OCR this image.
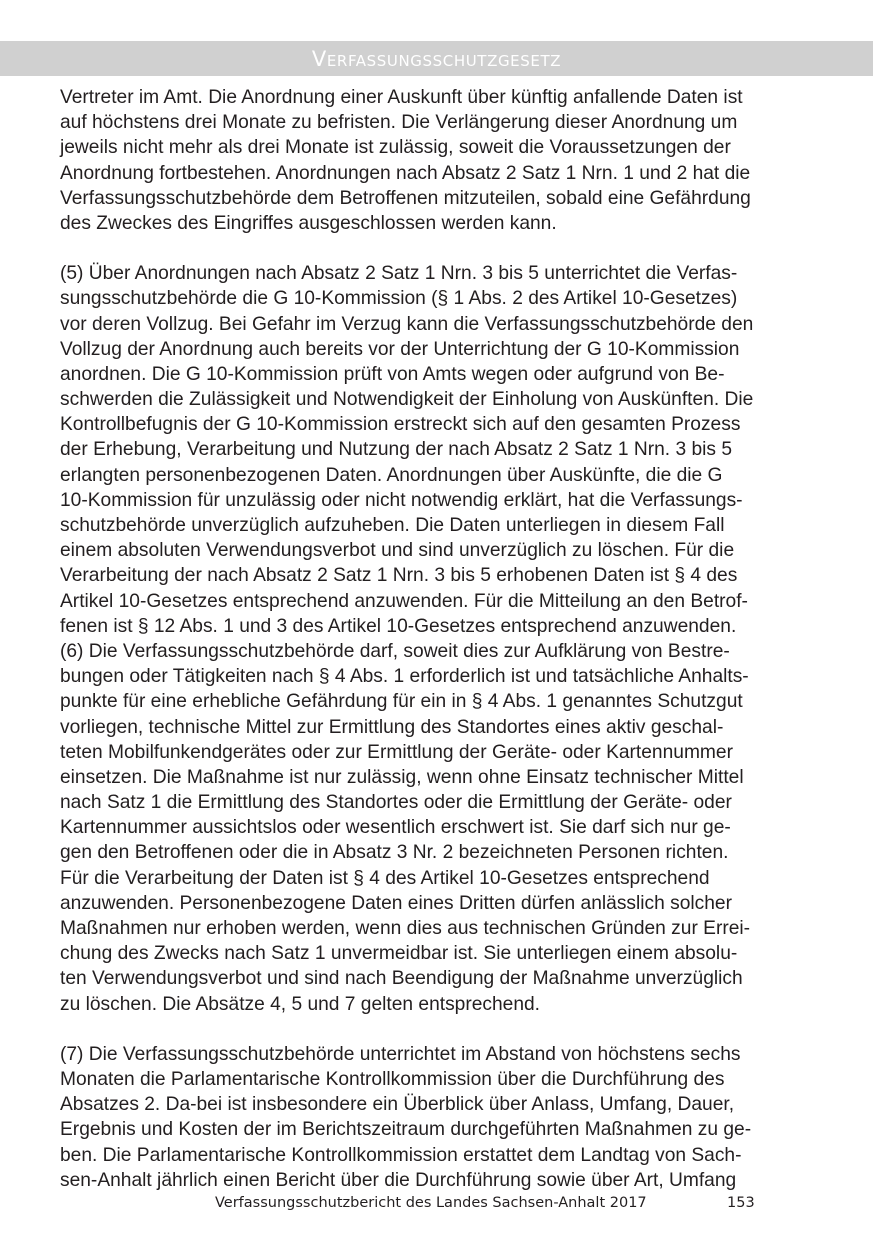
Verfassungsschutzgesetz
Vertreter im Amt. Die Anordnung einer Auskunft über künftig anfallende Daten ist
auf höchstens drei Monate zu befristen. Die Verlängerung dieser Anordnung um
jeweils nicht mehr als drei Monate ist zulässig, soweit die Voraussetzungen der
Anordnung fortbestehen. Anordnungen nach Absatz 2 Satz 1 Nrn. 1 und 2 hat die
Verfassungsschutzbehörde dem Betroffenen mitzuteilen, sobald eine Gefährdung
des Zweckes des Eingriffes ausgeschlossen werden kann.
(5) Über Anordnungen nach Absatz 2 Satz 1 Nrn. 3 bis 5 unterrichtet die Verfas-
sungsschutzbehörde die G 10-Kommission (§ 1 Abs. 2 des Artikel 10-Gesetzes)
vor deren Vollzug. Bei Gefahr im Verzug kann die Verfassungsschutzbehörde den
Vollzug der Anordnung auch bereits vor der Unterrichtung der G 10-Kommission
anordnen. Die G 10-Kommission prüft von Amts wegen oder aufgrund von Be-
schwerden die Zulässigkeit und Notwendigkeit der Einholung von Auskünften. Die
Kontrollbefugnis der G 10-Kommission erstreckt sich auf den gesamten Prozess
der Erhebung, Verarbeitung und Nutzung der nach Absatz 2 Satz 1 Nrn. 3 bis 5
erlangten personenbezogenen Daten. Anordnungen über Auskünfte, die die G
10-Kommission für unzulässig oder nicht notwendig erklärt, hat die Verfassungs-
schutzbehörde unverzüglich aufzuheben. Die Daten unterliegen in diesem Fall
einem absoluten Verwendungsverbot und sind unverzüglich zu löschen. Für die
Verarbeitung der nach Absatz 2 Satz 1 Nrn. 3 bis 5 erhobenen Daten ist § 4 des
Artikel 10-Gesetzes entsprechend anzuwenden. Für die Mitteilung an den Betrof-
fenen ist § 12 Abs. 1 und 3 des Artikel 10-Gesetzes entsprechend anzuwenden.
(6) Die Verfassungsschutzbehörde darf, soweit dies zur Aufklärung von Bestre-
bungen oder Tätigkeiten nach § 4 Abs. 1 erforderlich ist und tatsächliche Anhalts-
punkte für eine erhebliche Gefährdung für ein in § 4 Abs. 1 genanntes Schutzgut
vorliegen, technische Mittel zur Ermittlung des Standortes eines aktiv geschal-
teten Mobilfunkendgerätes oder zur Ermittlung der Geräte- oder Kartennummer
einsetzen. Die Maßnahme ist nur zulässig, wenn ohne Einsatz technischer Mittel
nach Satz 1 die Ermittlung des Standortes oder die Ermittlung der Geräte- oder
Kartennummer aussichtslos oder wesentlich erschwert ist. Sie darf sich nur ge-
gen den Betroffenen oder die in Absatz 3 Nr. 2 bezeichneten Personen richten.
Für die Verarbeitung der Daten ist § 4 des Artikel 10-Gesetzes entsprechend
anzuwenden. Personenbezogene Daten eines Dritten dürfen anlässlich solcher
Maßnahmen nur erhoben werden, wenn dies aus technischen Gründen zur Errei-
chung des Zwecks nach Satz 1 unvermeidbar ist. Sie unterliegen einem absolu-
ten Verwendungsverbot und sind nach Beendigung der Maßnahme unverzüglich
zu löschen. Die Absätze 4, 5 und 7 gelten entsprechend.
(7) Die Verfassungsschutzbehörde unterrichtet im Abstand von höchstens sechs
Monaten die Parlamentarische Kontrollkommission über die Durchführung des
Absatzes 2. Da-bei ist insbesondere ein Überblick über Anlass, Umfang, Dauer,
Ergebnis und Kosten der im Berichtszeitraum durchgeführten Maßnahmen zu ge-
ben. Die Parlamentarische Kontrollkommission erstattet dem Landtag von Sach-
sen-Anhalt jährlich einen Bericht über die Durchführung sowie über Art, Umfang
Verfassungsschutzbericht des Landes Sachsen-Anhalt 2017	153
